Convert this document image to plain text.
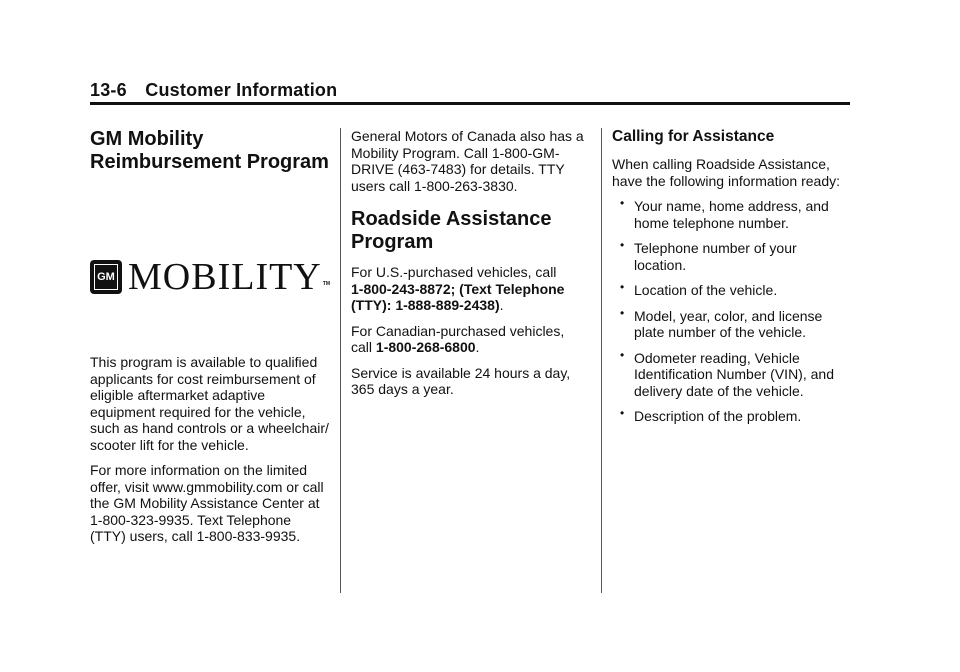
13-6 Customer Information
GM Mobility Reimbursement Program
GM MOBILITY TM

This program is available to qualified applicants for cost reimbursement of eligible aftermarket adaptive equipment required for the vehicle, such as hand controls or a wheelchair/ scooter lift for the vehicle.

For more information on the limited offer, visit www.gmmobility.com or call the GM Mobility Assistance Center at 1-800-323-9935. Text Telephone (TTY) users, call 1-800-833-9935.

General Motors of Canada also has a Mobility Program. Call 1-800-GM-DRIVE (463-7483) for details. TTY users call 1-800-263-3830.

Roadside Assistance Program

For U.S.-purchased vehicles, call
1-800-243-8872; (Text Telephone (TTY): 1-888-889-2438).

For Canadian-purchased vehicles, call 1-800-268-6800.

Service is available 24 hours a day, 365 days a year.

Calling for Assistance

When calling Roadside Assistance, have the following information ready:

• Your name, home address, and home telephone number.
• Telephone number of your location.
• Location of the vehicle.
• Model, year, color, and license plate number of the vehicle.
• Odometer reading, Vehicle Identification Number (VIN), and delivery date of the vehicle.
• Description of the problem.
